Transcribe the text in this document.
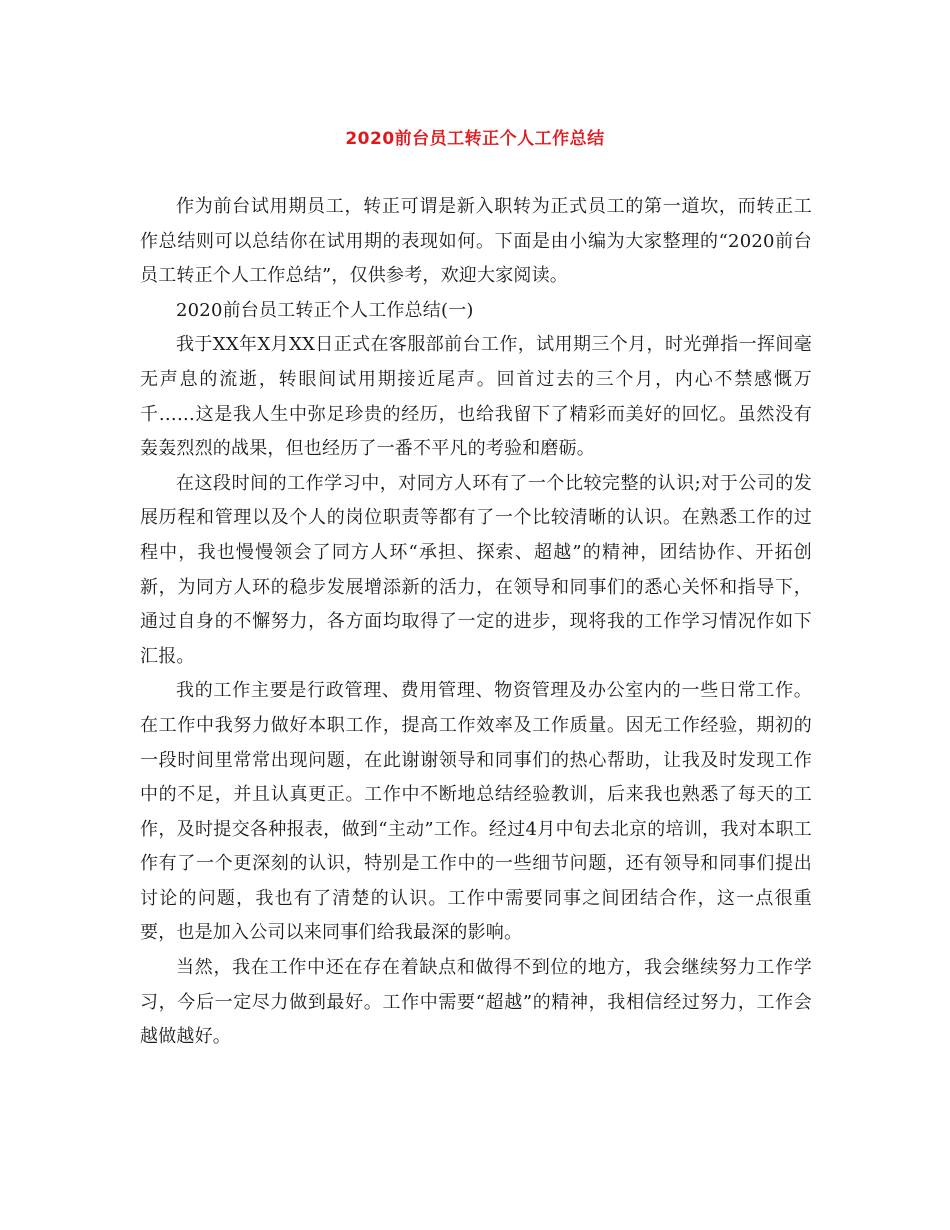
2020前台员工转正个人工作总结

作为前台试用期员工，转正可谓是新入职转为正式员工的第一道坎，而转正工作总结则可以总结你在试用期的表现如何。下面是由小编为大家整理的“2020前台员工转正个人工作总结”，仅供参考，欢迎大家阅读。

2020前台员工转正个人工作总结(一)

我于XX年X月XX日正式在客服部前台工作，试用期三个月，时光弹指一挥间毫无声息的流逝，转眼间试用期接近尾声。回首过去的三个月，内心不禁感慨万千……这是我人生中弥足珍贵的经历，也给我留下了精彩而美好的回忆。虽然没有轰轰烈烈的战果，但也经历了一番不平凡的考验和磨砺。

在这段时间的工作学习中，对同方人环有了一个比较完整的认识;对于公司的发展历程和管理以及个人的岗位职责等都有了一个比较清晰的认识。在熟悉工作的过程中，我也慢慢领会了同方人环“承担、探索、超越”的精神，团结协作、开拓创新，为同方人环的稳步发展增添新的活力，在领导和同事们的悉心关怀和指导下，通过自身的不懈努力，各方面均取得了一定的进步，现将我的工作学习情况作如下汇报。

我的工作主要是行政管理、费用管理、物资管理及办公室内的一些日常工作。在工作中我努力做好本职工作，提高工作效率及工作质量。因无工作经验，期初的一段时间里常常出现问题，在此谢谢领导和同事们的热心帮助，让我及时发现工作中的不足，并且认真更正。工作中不断地总结经验教训，后来我也熟悉了每天的工作，及时提交各种报表，做到“主动”工作。经过4月中旬去北京的培训，我对本职工作有了一个更深刻的认识，特别是工作中的一些细节问题，还有领导和同事们提出讨论的问题，我也有了清楚的认识。工作中需要同事之间团结合作，这一点很重要，也是加入公司以来同事们给我最深的影响。

当然，我在工作中还在存在着缺点和做得不到位的地方，我会继续努力工作学习，今后一定尽力做到最好。工作中需要“超越”的精神，我相信经过努力，工作会越做越好。
